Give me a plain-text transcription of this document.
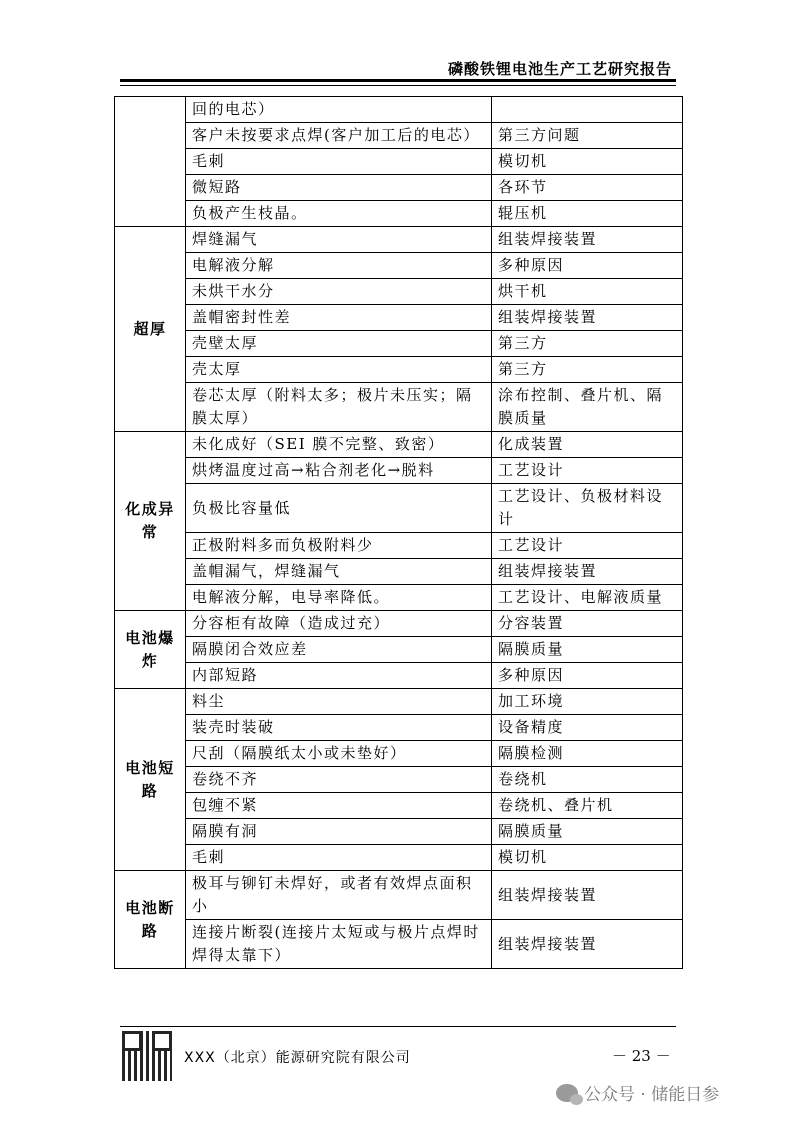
磷酸铁锂电池生产工艺研究报告
	回的电芯）	
	客户未按要求点焊(客户加工后的电芯）	第三方问题
	毛刺	模切机
	微短路	各环节
	负极产生枝晶。	辊压机
超厚	焊缝漏气	组装焊接装置
	电解液分解	多种原因
	未烘干水分	烘干机
	盖帽密封性差	组装焊接装置
	壳壁太厚	第三方
	壳太厚	第三方
	卷芯太厚（附料太多；极片未压实；隔膜太厚）	涂布控制、叠片机、隔膜质量
化成异常	未化成好（SEI 膜不完整、致密）	化成装置
	烘烤温度过高→粘合剂老化→脱料	工艺设计
	负极比容量低	工艺设计、负极材料设计
	正极附料多而负极附料少	工艺设计
	盖帽漏气，焊缝漏气	组装焊接装置
	电解液分解，电导率降低。	工艺设计、电解液质量
电池爆炸	分容柜有故障（造成过充）	分容装置
	隔膜闭合效应差	隔膜质量
	内部短路	多种原因
电池短路	料尘	加工环境
	装壳时装破	设备精度
	尺刮（隔膜纸太小或未垫好）	隔膜检测
	卷绕不齐	卷绕机
	包缠不紧	卷绕机、叠片机
	隔膜有洞	隔膜质量
	毛刺	模切机
电池断路	极耳与铆钉未焊好，或者有效焊点面积小	组装焊接装置
	连接片断裂(连接片太短或与极片点焊时焊得太靠下）	组装焊接装置
XXX（北京）能源研究院有限公司	－ 23 －
公众号 · 储能日参
